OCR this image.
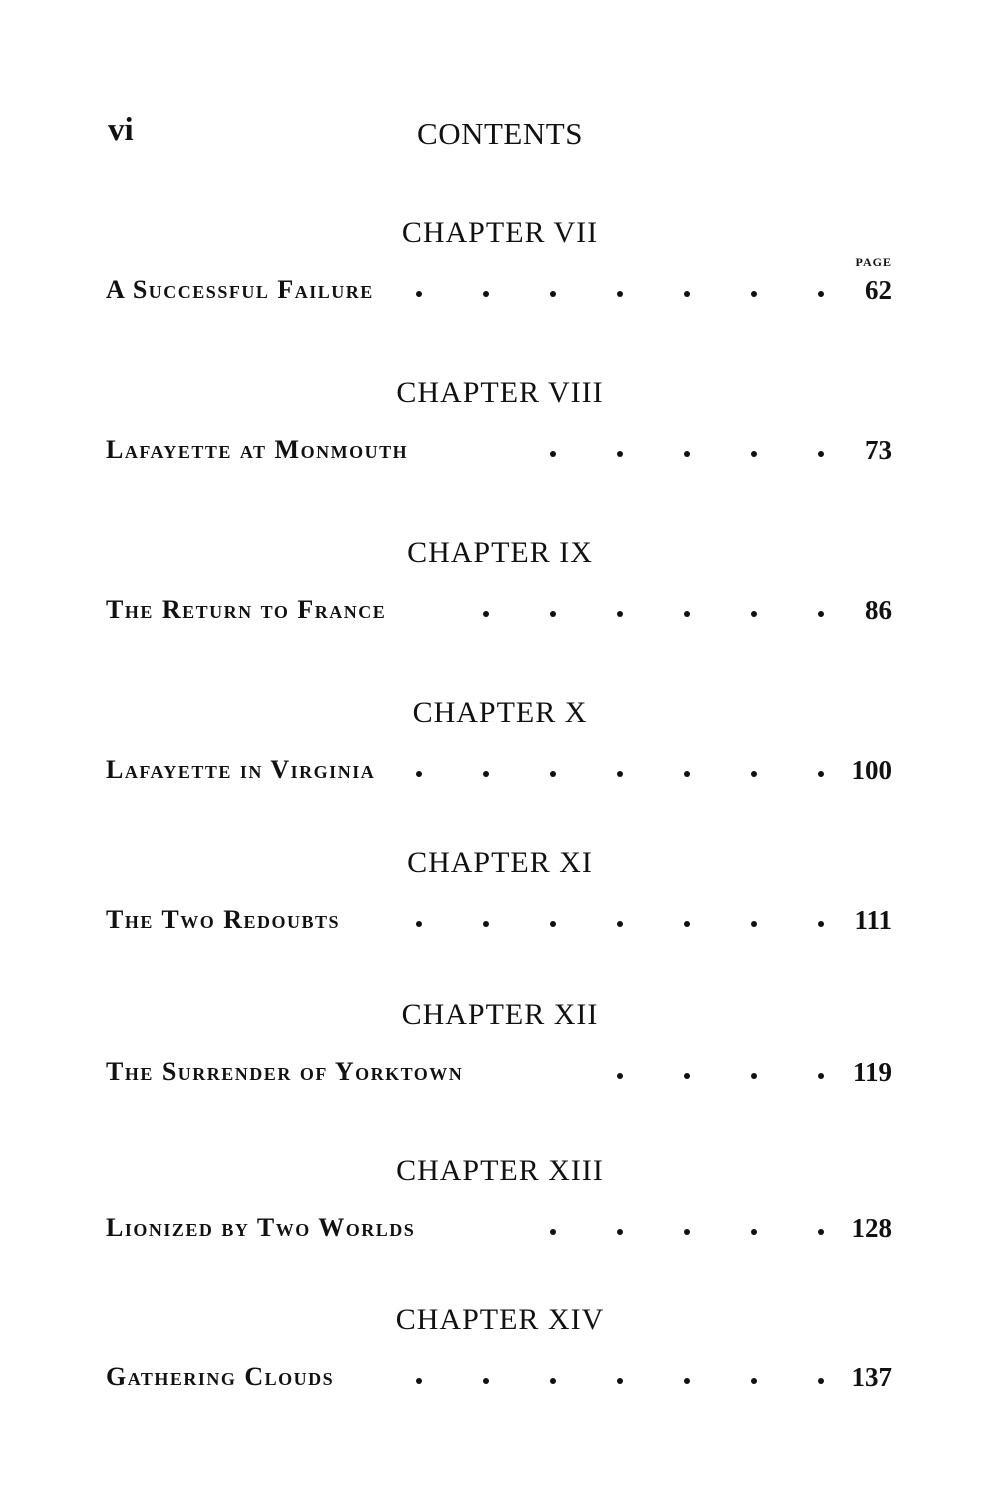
vi	CONTENTS
PAGE
CHAPTER VII
A Successful Failure	62
CHAPTER VIII
Lafayette at Monmouth	73
CHAPTER IX
The Return to France	86
CHAPTER X
Lafayette in Virginia	100
CHAPTER XI
The Two Redoubts	111
CHAPTER XII
The Surrender of Yorktown	119
CHAPTER XIII
Lionized by Two Worlds	128
CHAPTER XIV
Gathering Clouds	137
